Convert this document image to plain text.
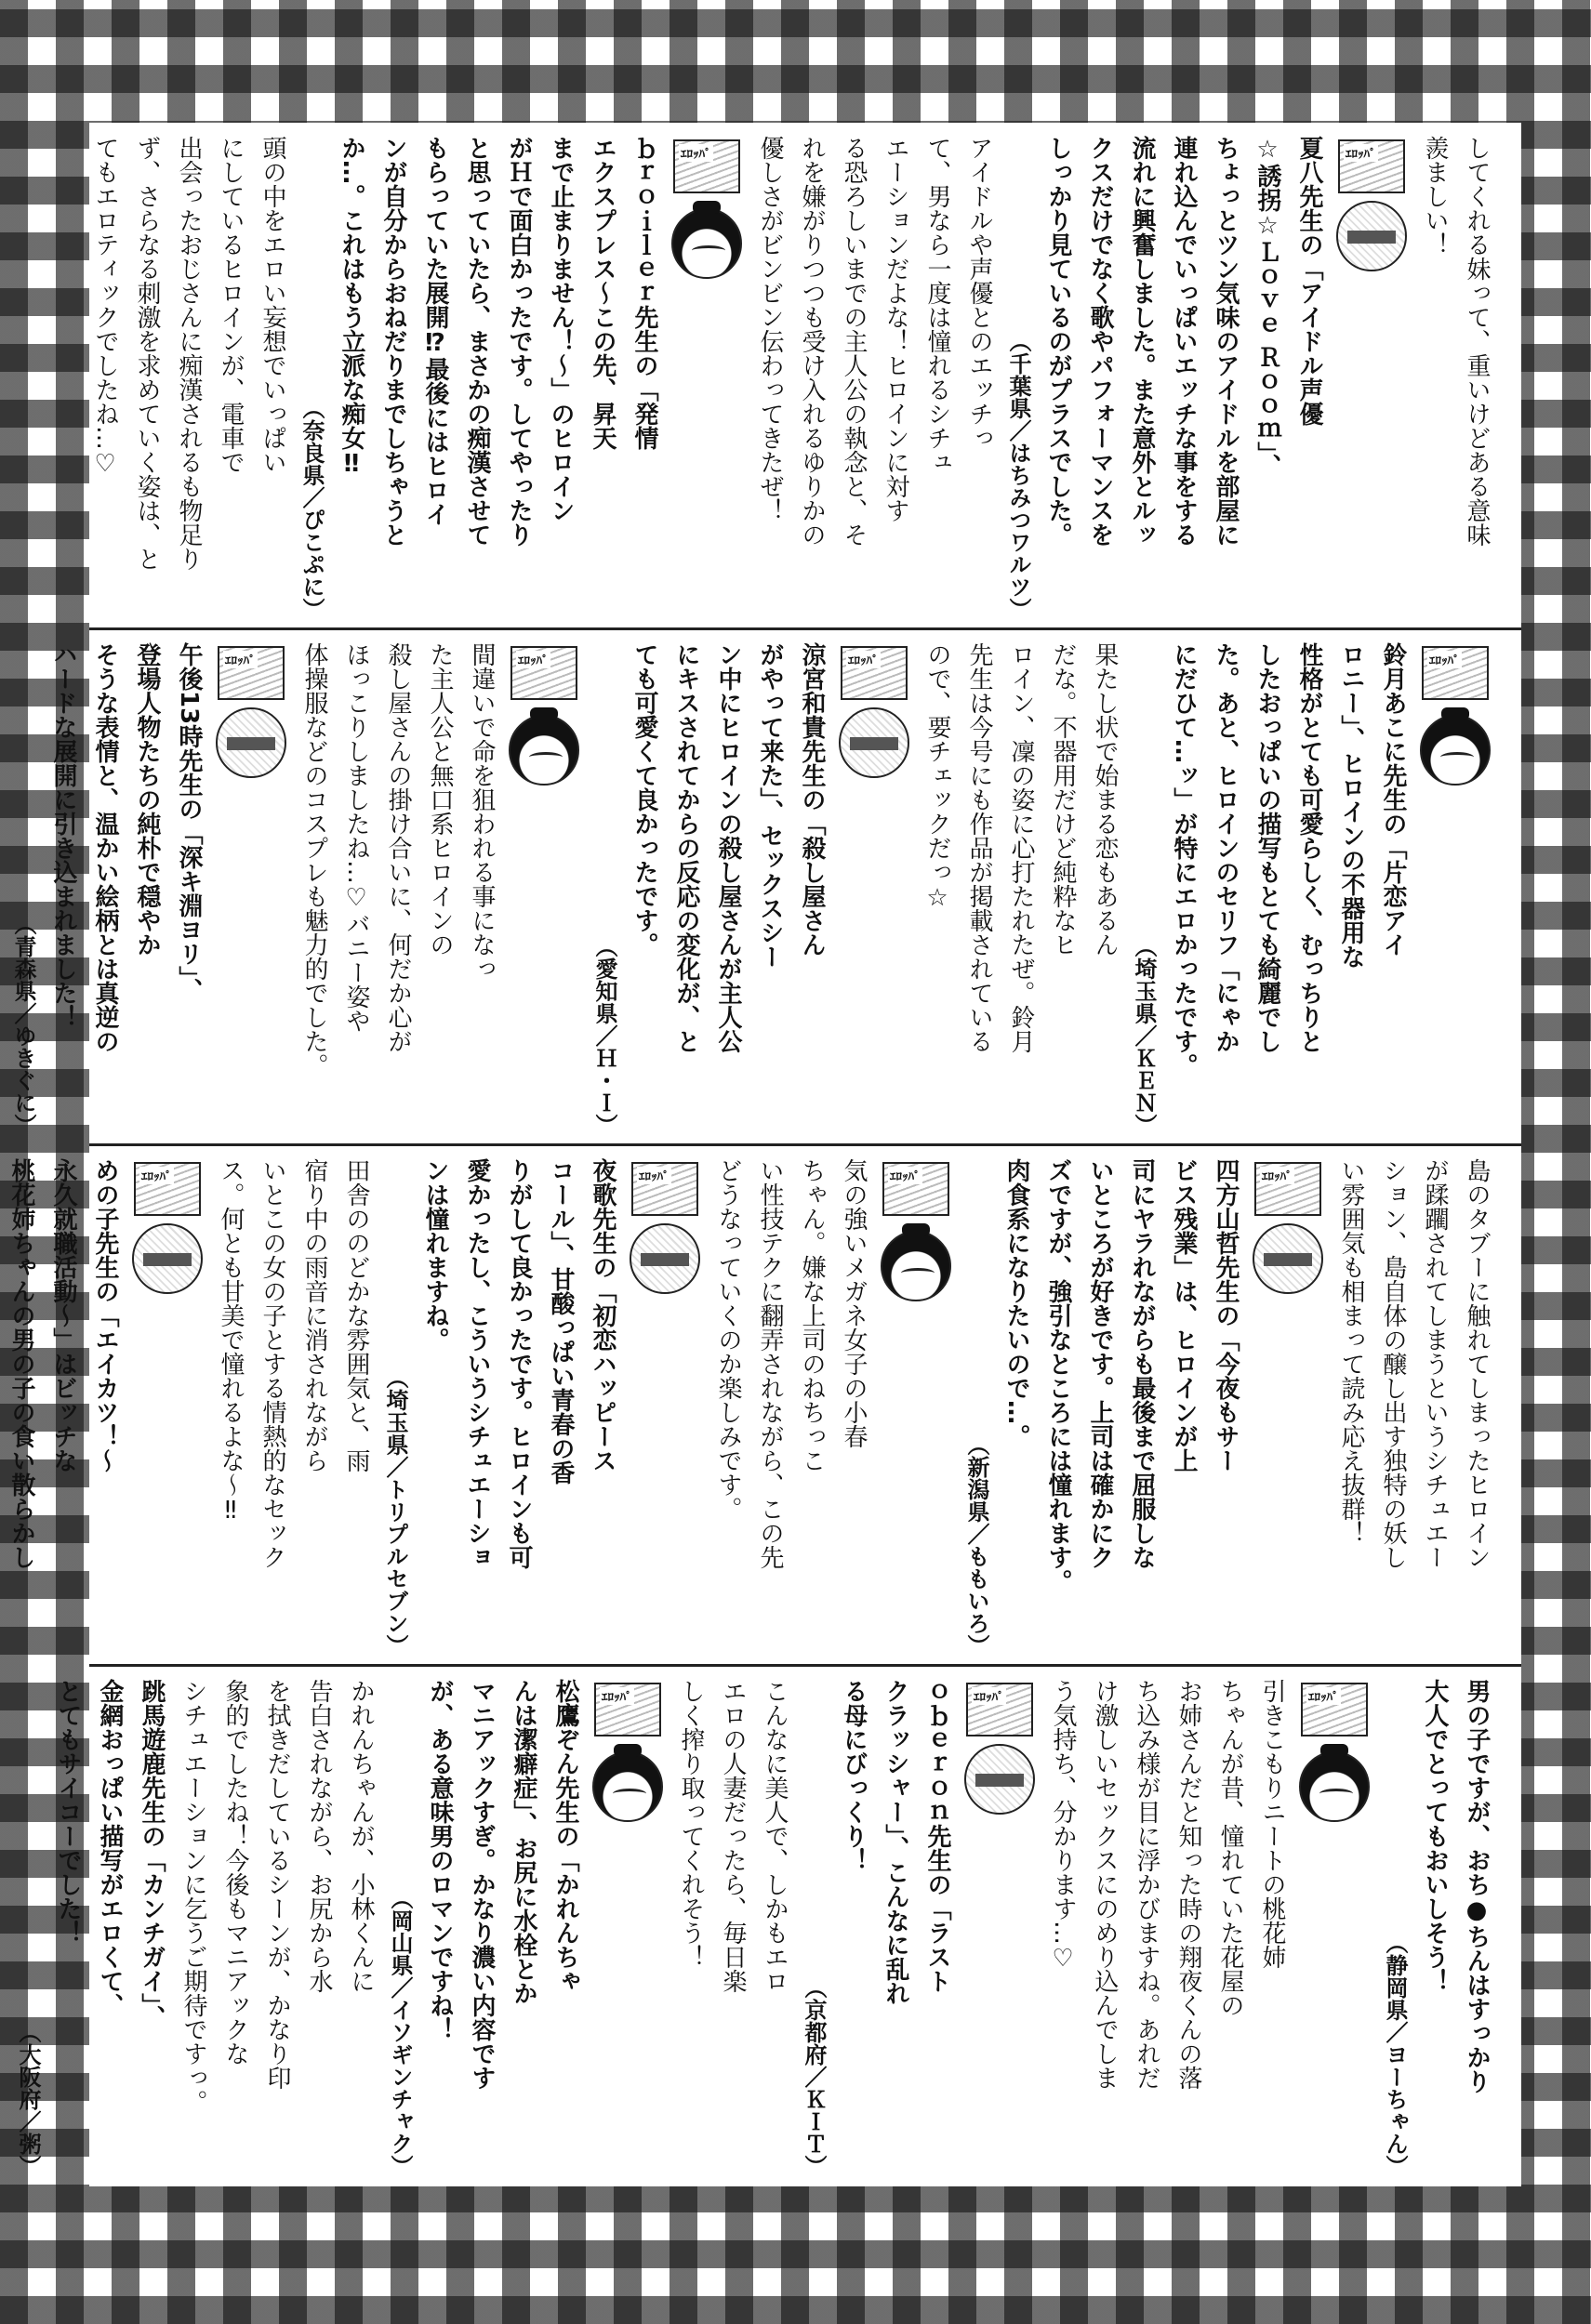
してくれる妹って、重いけどある意味

羨ましい！

ｴﾛｯﾊﾟ

夏八先生の「アイドル声優

☆誘拐☆Ｌｏｖｅ Ｒｏｏｍ」、

ちょっとツン気味のアイドルを部屋に

連れ込んでいっぱいエッチな事をする

流れに興奮しました。また意外とルッ

クスだけでなく歌やパフォーマンスを

しっかり見ているのがプラスでした。

（千葉県／はちみつワルツ）

アイドルや声優とのエッチっ

て、男なら一度は憧れるシチュ

エーションだよな！ヒロインに対す

る恐ろしいまでの主人公の執念と、そ

れを嫌がりつつも受け入れるゆりかの

優しさがビンビン伝わってきたぜ！

ｴﾛｯﾊﾟ

ｂｒｏｉｌｅｒ先生の「発情

エクスプレス～この先、昇天

まで止まりません！～」のヒロイン

がＨで面白かったです。してやったり

と思っていたら、まさかの痴漢させて

もらっていた展開⁉最後にはヒロイ

ンが自分からおねだりまでしちゃうと

か…。これはもう立派な痴女‼

（奈良県／ぴこぷに）

頭の中をエロい妄想でいっぱい

にしているヒロインが、電車で

出会ったおじさんに痴漢されるも物足り

ず、さらなる刺激を求めていく姿は、と

てもエロティックでしたね…♡

ｴﾛｯﾊﾟ

鈴月あこに先生の「片恋アイ

ロニー」、ヒロインの不器用な

性格がとても可愛らしく、むっちりと

したおっぱいの描写もとても綺麗でし

た。あと、ヒロインのセリフ「にゃか

にだひて…ッ」が特にエロかったです。

（埼玉県／ＫＥＮ）

果たし状で始まる恋もあるん

だな。不器用だけど純粋なヒ

ロイン、凜の姿に心打たれたぜ。鈴月

先生は今号にも作品が掲載されている

ので、要チェックだっ☆

ｴﾛｯﾊﾟ

涼宮和貴先生の「殺し屋さん

がやって来た」、セックスシー

ン中にヒロインの殺し屋さんが主人公

にキスされてからの反応の変化が、と

ても可愛くて良かったです。

（愛知県／Ｈ・Ｉ）
ｴﾛｯﾊﾟ

間違いで命を狙われる事になっ

た主人公と無口系ヒロインの

殺し屋さんの掛け合いに、何だか心が

ほっこりしましたね…♡バニー姿や

体操服などのコスプレも魅力的でした。

ｴﾛｯﾊﾟ

午後13時先生の「深キ淵ヨリ」、

登場人物たちの純朴で穏やか

そうな表情と、温かい絵柄とは真逆の

ハードな展開に引き込まれました！

（青森県／ゆきぐに）

島のタブーに触れてしまったヒロイン

が蹂躙されてしまうというシチュエー

ション、島自体の醸し出す独特の妖し

い雰囲気も相まって読み応え抜群！

ｴﾛｯﾊﾟ

四方山哲先生の「今夜もサー

ビス残業」は、ヒロインが上

司にヤラれながらも最後まで屈服しな

いところが好きです。上司は確かにク

ズですが、強引なところには憧れます。

肉食系になりたいので…。

（新潟県／ももいろ）
ｴﾛｯﾊﾟ

気の強いメガネ女子の小春

ちゃん。嫌な上司のねちっこ

い性技テクに翻弄されながら、この先

どうなっていくのか楽しみです。

ｴﾛｯﾊﾟ

夜歌先生の「初恋ハッピース

コール」、甘酸っぱい青春の香

りがして良かったです。ヒロインも可

愛かったし、こういうシチュエーショ

ンは憧れますね。

（埼玉県／トリプルセブン）

田舎ののどかな雰囲気と、雨

宿り中の雨音に消されながら

いとこの女の子とする情熱的なセック

ス。何とも甘美で憧れるよな～‼

ｴﾛｯﾊﾟ

めの子先生の「エイカツ！～

永久就職活動～」はビッチな

桃花姉ちゃんの男の子の食い散らかし

男の子ですが、おち●ちんはすっかり

大人でとってもおいしそう！

（静岡県／ヨーちゃん）
ｴﾛｯﾊﾟ

引きこもりニートの桃花姉

ちゃんが昔、憧れていた花屋の

お姉さんだと知った時の翔夜くんの落

ち込み様が目に浮かびますね。あれだ

け激しいセックスにのめり込んでしま

う気持ち、分かります…♡

ｴﾛｯﾊﾟ

ｏｂｅｒｏｎ先生の「ラスト

クラッシャー」、こんなに乱れ

る母にびっくり！

（京都府／ＫＩＴ）

こんなに美人で、しかもエロ

エロの人妻だったら、毎日楽

しく搾り取ってくれそう！

ｴﾛｯﾊﾟ

松鷹ぞん先生の「かれんちゃ

んは潔癖症」、お尻に水栓とか

マニアックすぎ。かなり濃い内容です

が、ある意味男のロマンですね！

（岡山県／イソギンチャク）

かれんちゃんが、小林くんに

告白されながら、お尻から水

を拭きだしているシーンが、かなり印

象的でしたね！今後もマニアックな

シチュエーションに乞うご期待ですっ。

跳馬遊鹿先生の「カンチガイ」、

金網おっぱい描写がエロくて、

とてもサイコーでした！

（大阪府／粥）
